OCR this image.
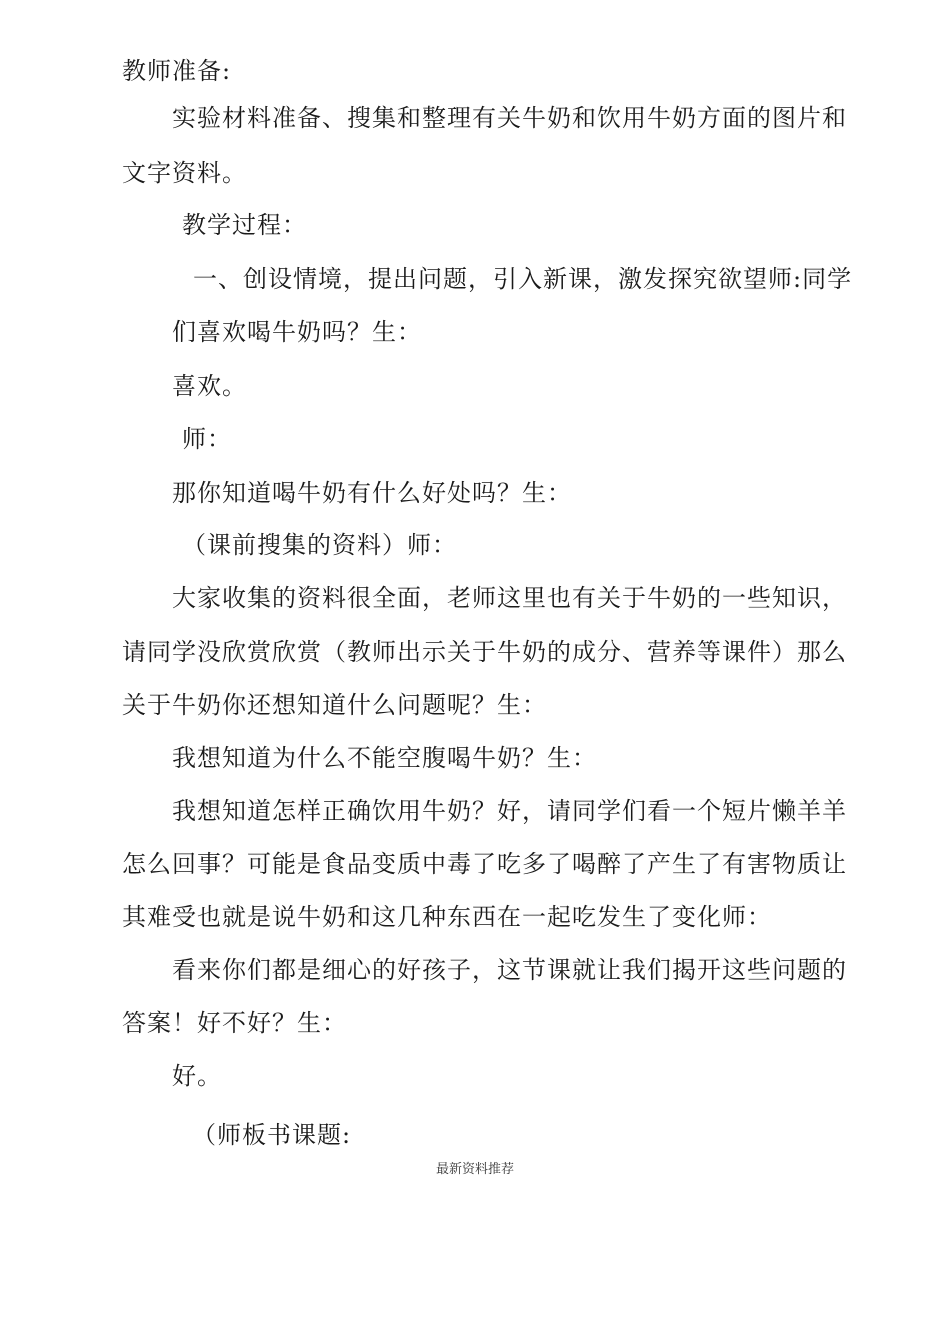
教师准备:
实验材料准备、搜集和整理有关牛奶和饮用牛奶方面的图片和
文字资料。
教学过程：
一、创设情境，提出问题，引入新课，激发探究欲望师:同学
们喜欢喝牛奶吗？生：
喜欢。
师：
那你知道喝牛奶有什么好处吗？生：
（课前搜集的资料）师：
大家收集的资料很全面，老师这里也有关于牛奶的一些知识，
请同学没欣赏欣赏（教师出示关于牛奶的成分、营养等课件）那么
关于牛奶你还想知道什么问题呢？生：
我想知道为什么不能空腹喝牛奶？生：
我想知道怎样正确饮用牛奶？好，请同学们看一个短片懒羊羊
怎么回事？可能是食品变质中毒了吃多了喝醉了产生了有害物质让
其难受也就是说牛奶和这几种东西在一起吃发生了变化师：
看来你们都是细心的好孩子，这节课就让我们揭开这些问题的
答案！好不好？生：
好。
（师板书课题:
最新资料推荐
